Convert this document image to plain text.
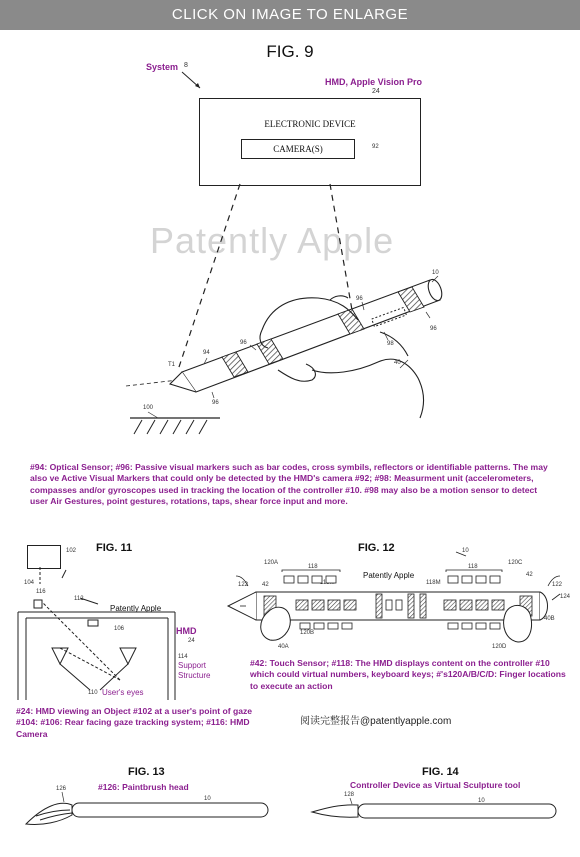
CLICK ON IMAGE TO ENLARGE
FIG. 9
System 8
HMD, Apple Vision Pro
24
ELECTRONIC DEVICE
CAMERA(S)	92
Patently Apple
10
96
96
96
96
98
40
94
T1
100
#94: Optical Sensor; #96: Passive visual markers such as bar codes, cross symbils, reflectors or identifiable patterns. The may also ve Active Visual Markers that could only be detected by the HMD's camera #92; #98: Measurment unit (accelerometers, compasses and/or gyroscopes used in tracking the location of the controller #10. #98 may also be a motion sensor to detect user Air Gestures, point gestures, rotations, taps, shear force input and more.
FIG. 11
102
104
116
112
Patently Apple
106	HMD
24
114
Support Structure
110 User's eyes
#24: HMD viewing an Object #102 at a user's point of gaze #104: #106: Rear facing gaze tracking system; #116: HMD Camera
FIG. 12	10
120A
118	118
120C
Patently Apple
118M
42
42
122	122
124
120B
40A	120D
40B
#42: Touch Sensor; #118: The HMD displays content on the controller #10 which could virtual numbers, keyboard keys; #'s120A/B/C/D: Finger locations to execute an action
阅读完整报告@patentlyapple.com
FIG. 13
#126: Paintbrush head
126
10
FIG. 14
Controller Device as Virtual Sculpture tool
128
10
